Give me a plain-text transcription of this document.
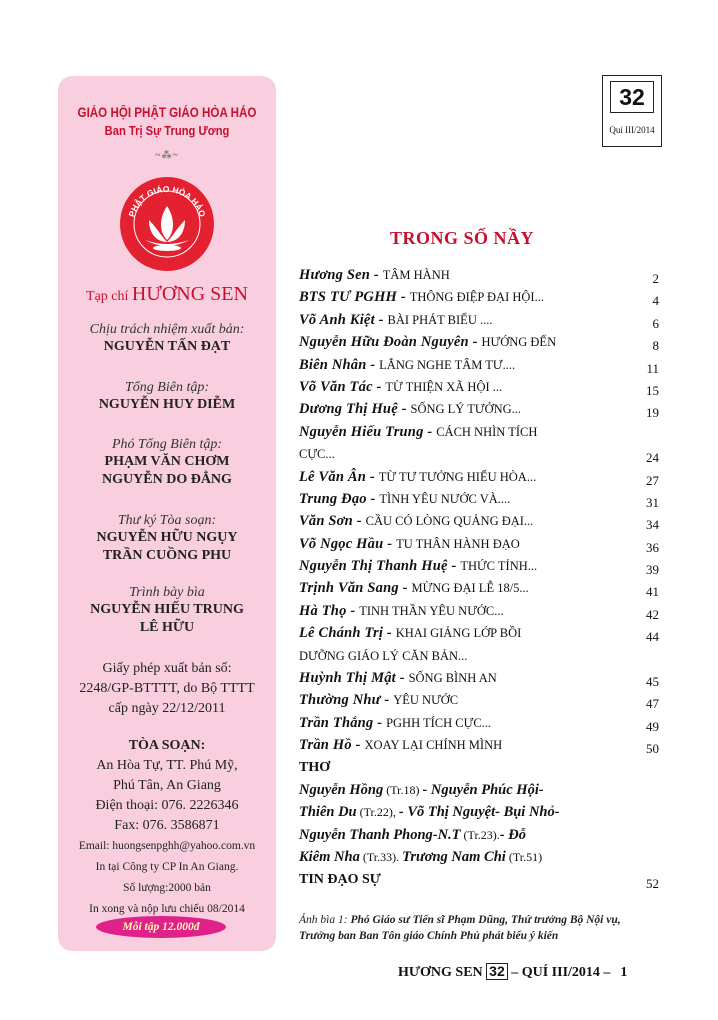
GIÁO HỘI PHẬT GIÁO HÒA HẢO
Ban Trị Sự Trung Ương
~⁂~
PHẬT GIÁO HÒA HẢO
Tạp chí HƯƠNG SEN
Chịu trách nhiệm xuất bản:
NGUYỄN TẤN ĐẠT
Tổng Biên tập:
NGUYỄN HUY DIỄM
Phó Tổng Biên tập:
PHẠM VĂN CHƠM
NGUYỄN DO ĐẲNG
Thư ký Tòa soạn:
NGUYỄN HỮU NGỤY
TRẦN CUỒNG PHU
Trình bày bìa
NGUYỄN HIẾU TRUNG
LÊ HỮU
Giấy phép xuất bản số:
2248/GP-BTTTT, do Bộ TTTT
cấp ngày 22/12/2011
TÒA SOẠN:
An Hòa Tự, TT. Phú Mỹ,
Phú Tân, An Giang
Điện thoại: 076. 2226346
Fax: 076. 3586871
Email: huongsenpghh@yahoo.com.vn
In tại Công ty CP In An Giang.
Số lượng:2000 bản
In xong và nộp lưu chiểu 08/2014
Mỗi tập 12.000đ
32
Quí III/2014
TRONG SỐ NẦY
Hương Sen - TÂM HÀNH	2
BTS TƯ PGHH - THÔNG ĐIỆP ĐẠI HỘI...	4
Võ Anh Kiệt - BÀI PHÁT BIỂU ....	6
Nguyễn Hữu Đoàn Nguyên - HƯỚNG ĐẾN	8
Biên Nhân - LẮNG NGHE TÂM TƯ....	11
Võ Văn Tác - TỪ THIỆN XÃ HỘI ...	15
Dương Thị Huệ - SỐNG LÝ TƯỞNG...	19
Nguyễn Hiếu Trung - CÁCH NHÌN TÍCH
CỰC...	24
Lê Văn Ân - TỪ TƯ TƯỞNG HIẾU HÒA...	27
Trung Đạo - TÌNH YÊU NƯỚC VÀ....	31
Văn Sơn - CẦU CÓ LÒNG QUẢNG ĐẠI...	34
Võ Ngọc Hầu - TU THÂN HÀNH ĐẠO	36
Nguyễn Thị Thanh Huệ - THỨC TỈNH...	39
Trịnh Văn Sang - MỪNG ĐẠI LỄ 18/5...	41
Hà Thọ - TINH THẦN YÊU NƯỚC...	42
Lê Chánh Trị - KHAI GIẢNG LỚP BỒI	44
DƯỠNG GIÁO LÝ CĂN BẢN...
Huỳnh Thị Mật - SỐNG BÌNH AN	45
Thường Như - YÊU NƯỚC	47
Trần Thắng - PGHH TÍCH CỰC...	49
Trần Hồ - XOAY LẠI CHÍNH MÌNH	50
THƠ
Nguyễn Hồng (Tr.18) - Nguyễn Phúc Hội-
Thiên Du (Tr.22), - Võ Thị Nguyệt- Bụi Nhỏ-
Nguyễn Thanh Phong-N.T (Tr.23).- Đỗ
Kiêm Nha (Tr.33). Trương Nam Chi (Tr.51)
TIN ĐẠO SỰ	52
Ảnh bìa 1: Phó Giáo sư Tiến sĩ Phạm Dũng, Thứ trưởng Bộ Nội vụ,
Trưởng ban Ban Tôn giáo Chính Phủ phát biểu ý kiến
HƯƠNG SEN 32 – QUÍ III/2014 – 1
